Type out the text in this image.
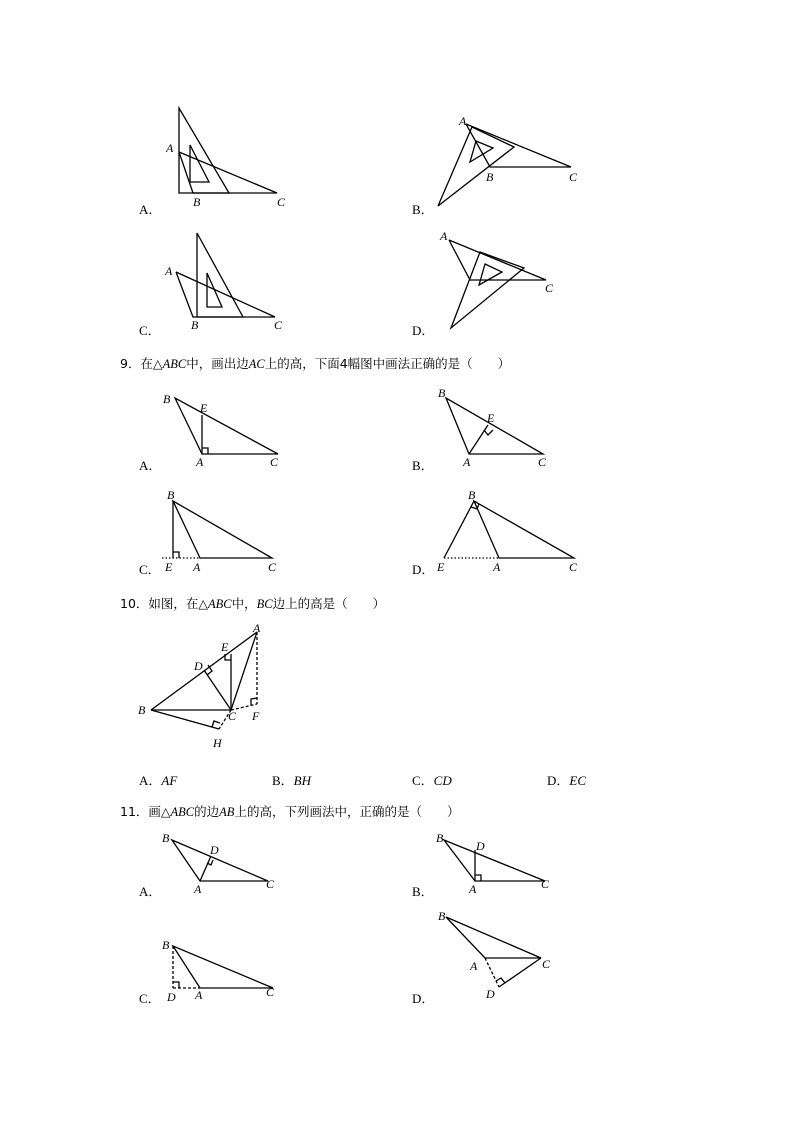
A
B	C
A．
A
B	C
B．
A
B	C
C．
A
C
D．
9．在△ABC中，画出边AC上的高，下面4幅图中画法正确的是（　　）
B
E
A	C
A．
B
E
A	C
B．
B
E A	C
C．
B
E	A	C
D．
10．如图，在△ABC中，BC边上的高是（　　）
A
E
D
B	C F
H
A．AF	B．BH	C．CD	D．EC
11．画△ABC的边AB上的高，下列画法中，正确的是（　　）
B
D
A	C
A．
B
D
A	C
B．
B
D A	C
C．
B
A	C
D
D．
